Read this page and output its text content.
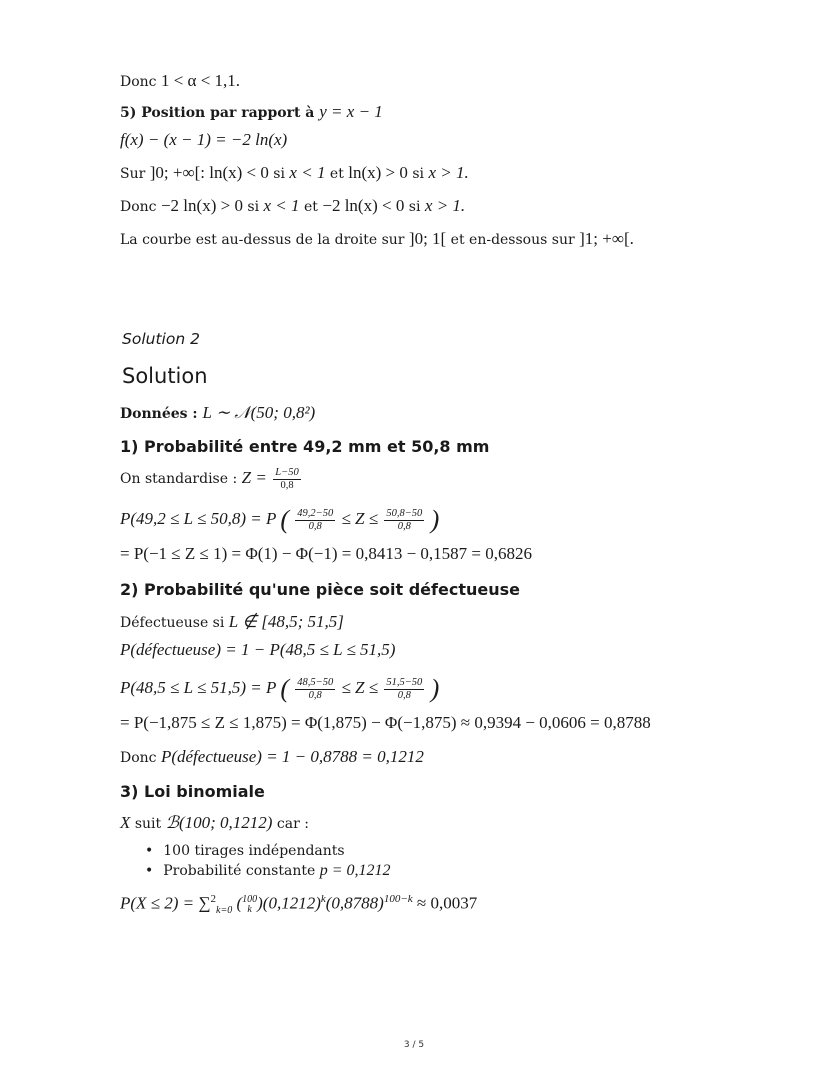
Donc 1 < α < 1,1.
5) Position par rapport à y = x − 1
f(x) − (x − 1) = −2 ln(x)
Sur ]0; +∞[: ln(x) < 0 si x < 1 et ln(x) > 0 si x > 1.
Donc −2 ln(x) > 0 si x < 1 et −2 ln(x) < 0 si x > 1.
La courbe est au-dessus de la droite sur ]0; 1[ et en-dessous sur ]1; +∞[.
Solution 2
Solution
Données : L ∼ 𝒩(50; 0,8²)
1) Probabilité entre 49,2 mm et 50,8 mm
On standardise : $Z = \frac{L-50}{0,8}$
P(49,2 ≤ L ≤ 50,8) = P ( $\frac{49,2-50}{0,8} \le Z \le \frac{50,8-50}{0,8}$ )
= P(−1 ≤ Z ≤ 1) = Φ(1) − Φ(−1) = 0,8413 − 0,1587 = 0,6826
2) Probabilité qu'une pièce soit défectueuse
Défectueuse si L ∉ [48,5; 51,5]
P(défectueuse) = 1 − P(48,5 ≤ L ≤ 51,5)
P(48,5 ≤ L ≤ 51,5) = P ( $\frac{48,5-50}{0,8} \le Z \le \frac{51,5-50}{0,8}$ )
= P(−1,875 ≤ Z ≤ 1,875) = Φ(1,875) − Φ(−1,875) ≈ 0,9394 − 0,0606 = 0,8788
Donc P(défectueuse) = 1 − 0,8788 = 0,1212
3) Loi binomiale
X suit ℬ(100; 0,1212) car :
• 100 tirages indépendants
• Probabilité constante p = 0,1212
P(X ≤ 2) = ∑$^2_{k=0}$ ( 100
k )$(0,1212)^k(0,8788)^{100-k} \approx 0,0037$
3 / 5
